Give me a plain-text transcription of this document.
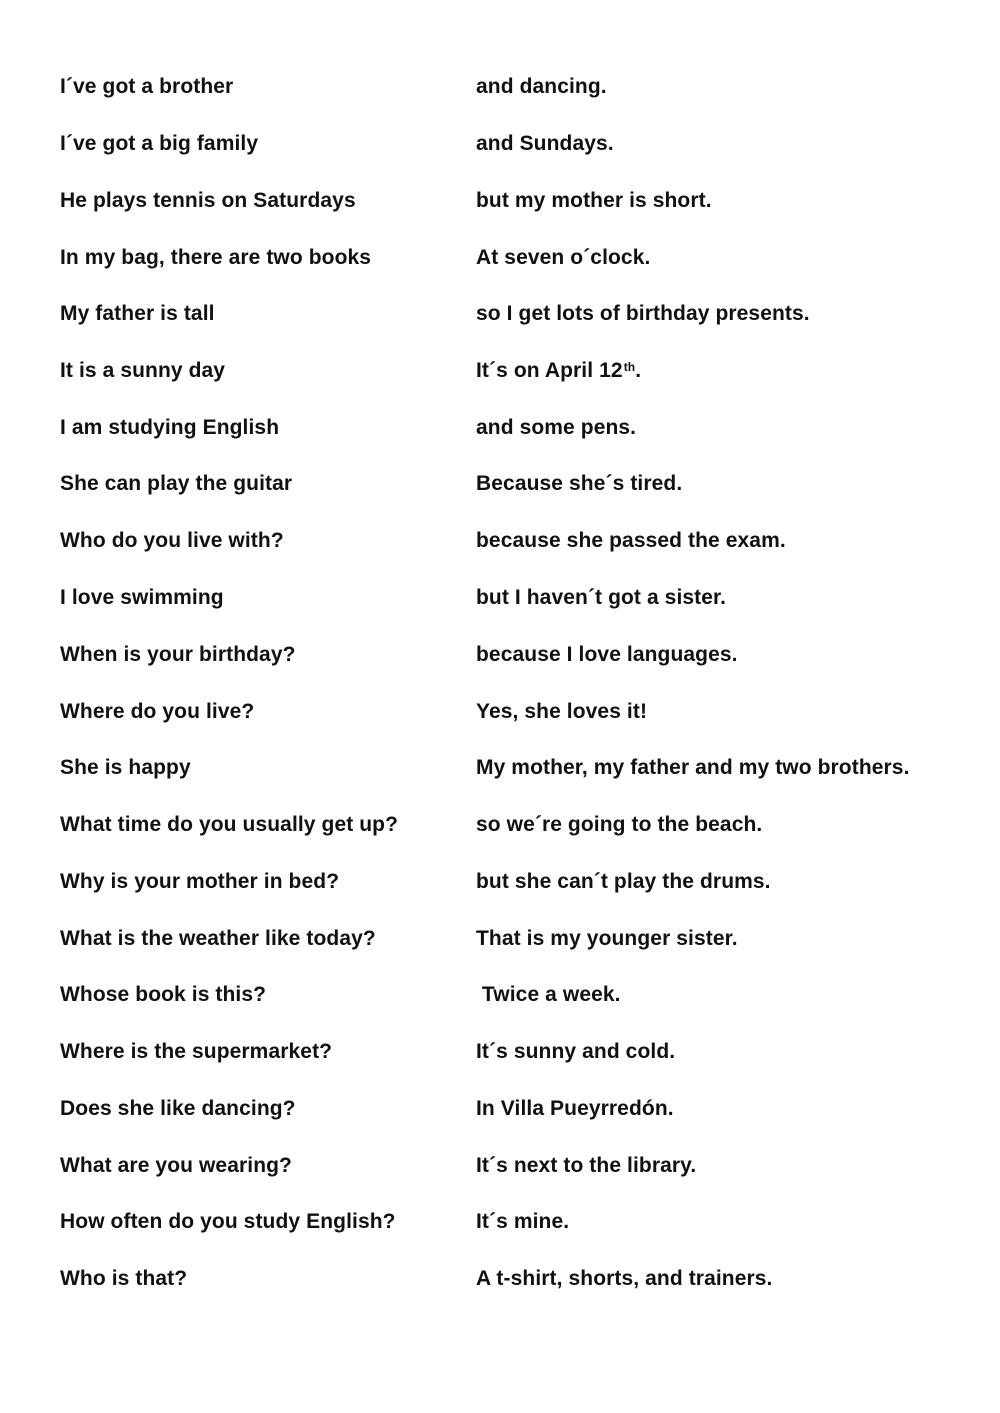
I´ve got a brother	and dancing.
I´ve got a big family	and Sundays.
He plays tennis on Saturdays	but my mother is short.
In my bag, there are two books	At seven o´clock.
My father is tall	so I get lots of birthday presents.
It is a sunny day	It´s on April 12th.
I am studying English	and some pens.
She can play the guitar	Because she´s tired.
Who do you live with?	because she passed the exam.
I love swimming	but I haven´t got a sister.
When is your birthday?	because I love languages.
Where do you live?	Yes, she loves it!
She is happy	My mother, my father and my two brothers.
What time do you usually get up?	so we´re going to the beach.
Why is your mother in bed?	but she can´t play the drums.
What is the weather like today?	That is my younger sister.
Whose book is this?	Twice a week.
Where is the supermarket?	It´s sunny and cold.
Does she like dancing?	In Villa Pueyrredón.
What are you wearing?	It´s next to the library.
How often do you study English?	It´s mine.
Who is that?	A t-shirt, shorts, and trainers.
